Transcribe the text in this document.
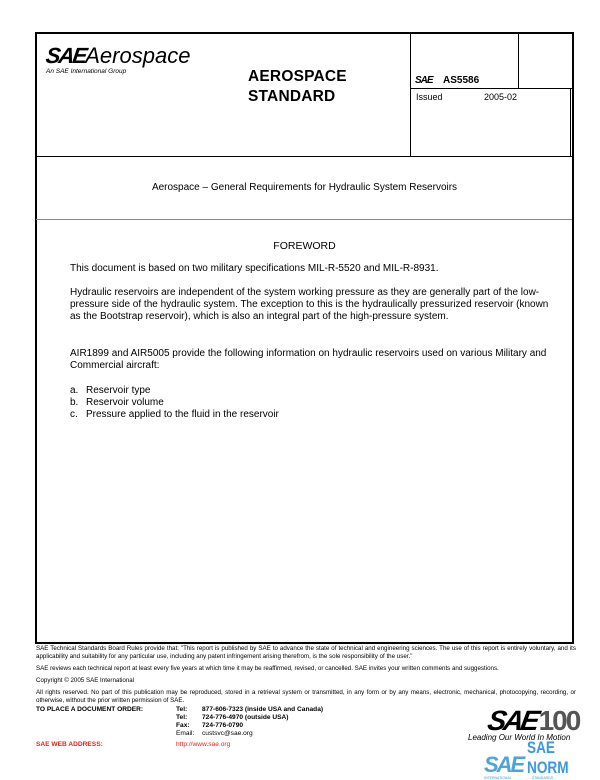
SAEAerospace
An SAE International Group	AEROSPACE
STANDARD
SAE AS5586
Issued	2005-02
Aerospace – General Requirements for Hydraulic System Reservoirs
FOREWORD
This document is based on two military specifications MIL-R-5520 and MIL-R-8931.
Hydraulic reservoirs are independent of the system working pressure as they are generally part of the low-pressure side of the hydraulic system. The exception to this is the hydraulically pressurized reservoir (known as the Bootstrap reservoir), which is also an integral part of the high-pressure system.
AIR1899 and AIR5005 provide the following information on hydraulic reservoirs used on various Military and Commercial aircraft:
a. Reservoir type
b. Reservoir volume
c. Pressure applied to the fluid in the reservoir
SAE Technical Standards Board Rules provide that: "This report is published by SAE to advance the state of technical and engineering sciences. The use of this report is entirely voluntary, and its applicability and suitability for any particular use, including any patent infringement arising therefrom, is the sole responsibility of the user."
SAE reviews each technical report at least every five years at which time it may be reaffirmed, revised, or cancelled. SAE invites your written comments and suggestions.
Copyright © 2005 SAE International
All rights reserved. No part of this publication may be reproduced, stored in a retrieval system or transmitted, in any form or by any means, electronic, mechanical, photocopying, recording, or otherwise, without the prior written permission of SAE.
TO PLACE A DOCUMENT ORDER:	Tel:	877-606-7323 (inside USA and Canada)
Tel:	724-776-4970 (outside USA)
Fax:	724-776-0790
Email:	custsvc@sae.org
SAE WEB ADDRESS:	http://www.sae.org
SAE 100
Leading Our World In Motion
SAE
SAE NORM
INTERNATIONAL	STANDARDS
